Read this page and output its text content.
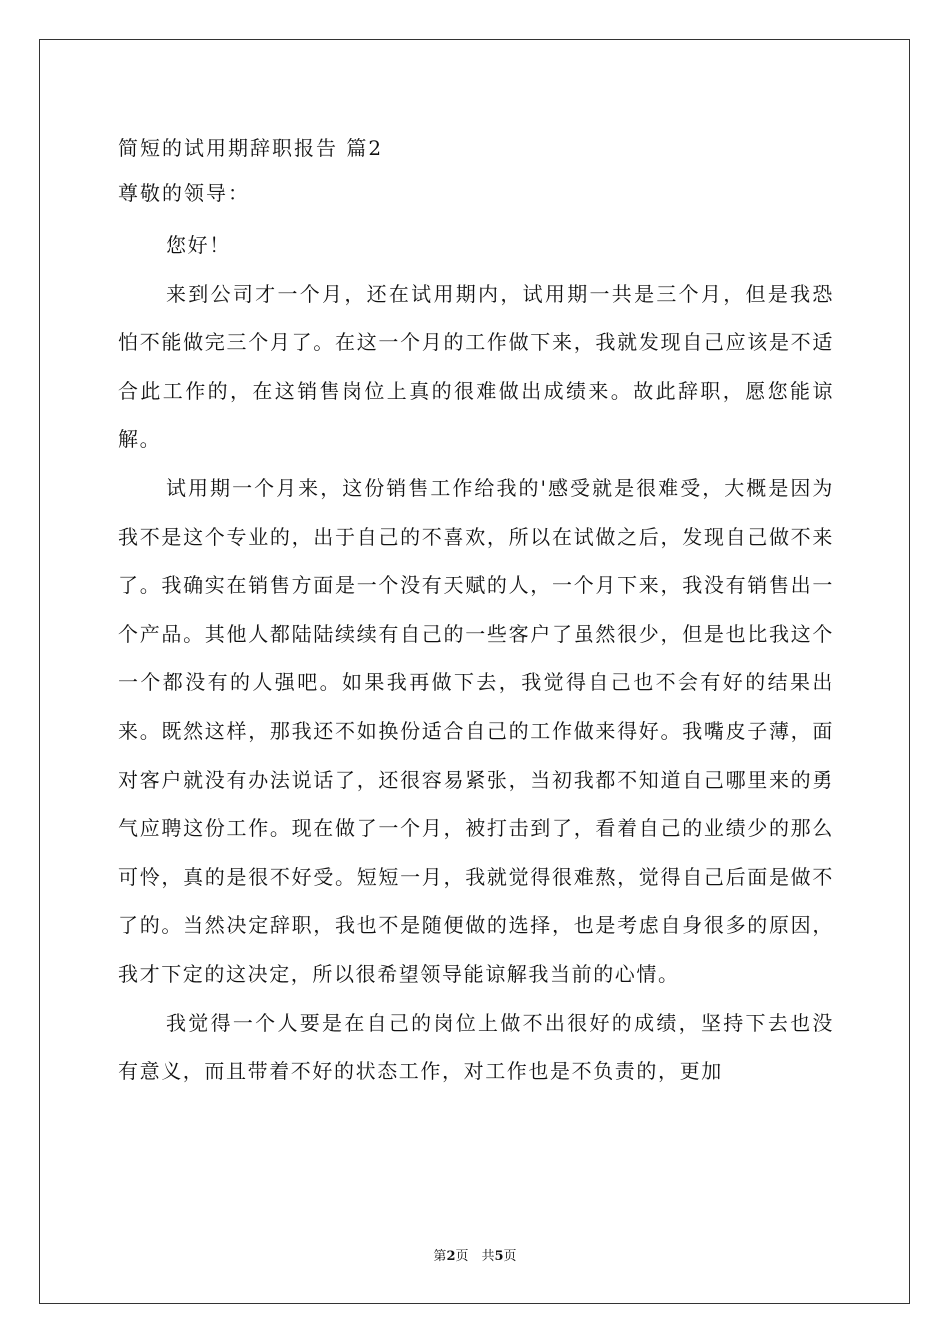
简短的试用期辞职报告 篇2
尊敬的领导：

您好！

来到公司才一个月，还在试用期内，试用期一共是三个月，但是我恐怕不能做完三个月了。在这一个月的工作做下来，我就发现自己应该是不适合此工作的，在这销售岗位上真的很难做出成绩来。故此辞职，愿您能谅解。

试用期一个月来，这份销售工作给我的'感受就是很难受，大概是因为我不是这个专业的，出于自己的不喜欢，所以在试做之后，发现自己做不来了。我确实在销售方面是一个没有天赋的人，一个月下来，我没有销售出一个产品。其他人都陆陆续续有自己的一些客户了虽然很少，但是也比我这个一个都没有的人强吧。如果我再做下去，我觉得自己也不会有好的结果出来。既然这样，那我还不如换份适合自己的工作做来得好。我嘴皮子薄，面对客户就没有办法说话了，还很容易紧张，当初我都不知道自己哪里来的勇气应聘这份工作。现在做了一个月，被打击到了，看着自己的业绩少的那么可怜，真的是很不好受。短短一月，我就觉得很难熬，觉得自己后面是做不了的。当然决定辞职，我也不是随便做的选择，也是考虑自身很多的原因，我才下定的这决定，所以很希望领导能谅解我当前的心情。

我觉得一个人要是在自己的岗位上做不出很好的成绩，坚持下去也没有意义，而且带着不好的状态工作，对工作也是不负责的，更加

第2页　共5页
